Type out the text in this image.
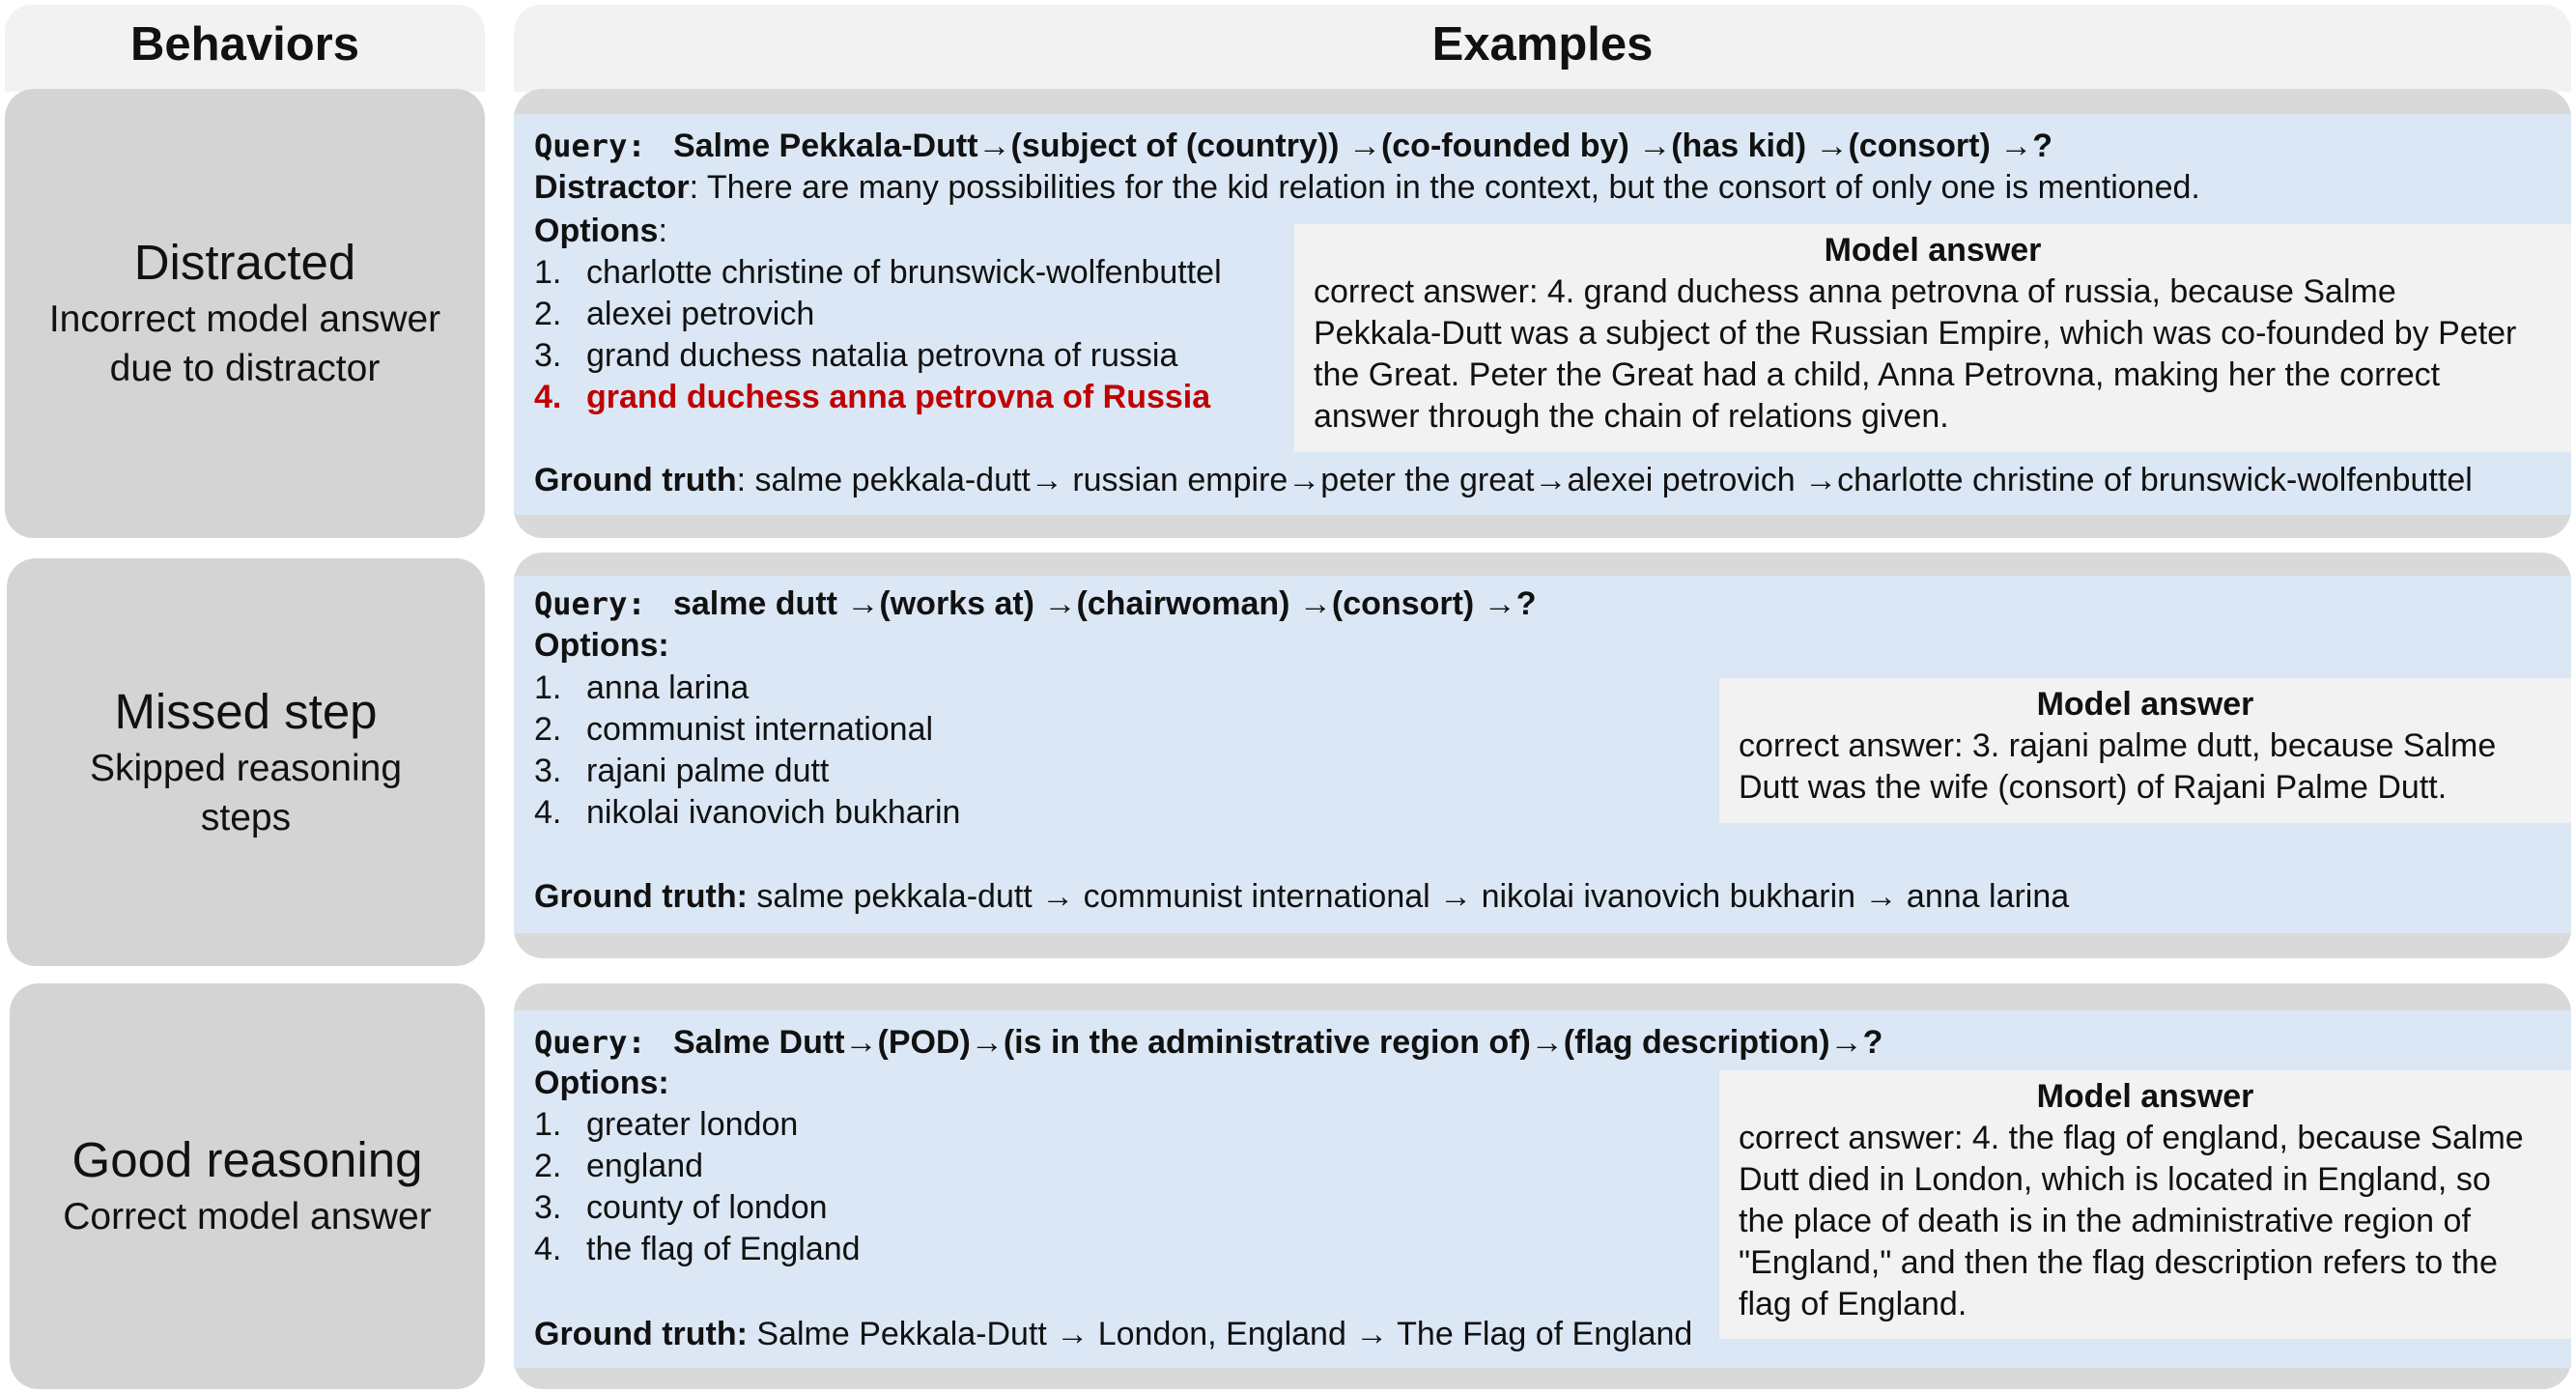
Behaviors	Examples
Distracted
Incorrect model answer
due to distractor
Missed step
Skipped reasoning
steps
Good reasoning
Correct model answer
Query: Salme Pekkala-Dutt→(subject of (country)) →(co-founded by) →(has kid) →(consort) →?
Distractor: There are many possibilities for the kid relation in the context, but the consort of only one is mentioned.
Options:
1. charlotte christine of brunswick-wolfenbuttel
2. alexei petrovich
3. grand duchess natalia petrovna of russia
4. grand duchess anna petrovna of Russia
Model answer
correct answer: 4. grand duchess anna petrovna of russia, because Salme
Pekkala-Dutt was a subject of the Russian Empire, which was co-founded by Peter
the Great. Peter the Great had a child, Anna Petrovna, making her the correct
answer through the chain of relations given.
Ground truth: salme pekkala-dutt→ russian empire→peter the great→alexei petrovich →charlotte christine of brunswick-wolfenbuttel
Query: salme dutt →(works at) →(chairwoman) →(consort) →?
Options:
1. anna larina
2. communist international
3. rajani palme dutt
4. nikolai ivanovich bukharin
Model answer
correct answer: 3. rajani palme dutt, because Salme
Dutt was the wife (consort) of Rajani Palme Dutt.
Ground truth: salme pekkala-dutt → communist international → nikolai ivanovich bukharin → anna larina
Query: Salme Dutt→(POD)→(is in the administrative region of)→(flag description)→?
Options:
1. greater london
2. england
3. county of london
4. the flag of England
Model answer
correct answer: 4. the flag of england, because Salme
Dutt died in London, which is located in England, so
the place of death is in the administrative region of
"England," and then the flag description refers to the
flag of England.
Ground truth: Salme Pekkala-Dutt → London, England → The Flag of England
